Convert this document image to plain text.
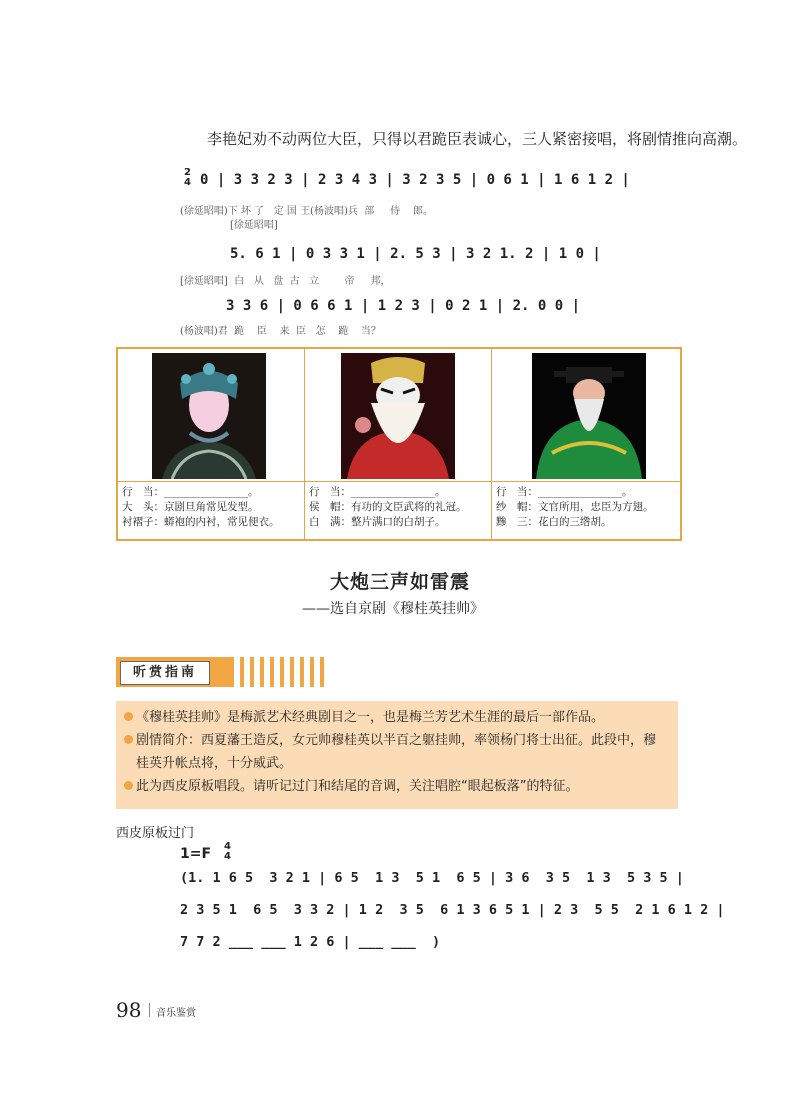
李艳妃劝不动两位大臣，只得以君跪臣表诚心，三人紧密接唱，将剧情推向高潮。
2
4 0 | 3 3 2 3 | 2 3 4 3 | 3 2 3 5 | 0 6 1 | 1 6 1 2 |
(徐延昭唱)下 坏 了   定 国 王(杨波唱)兵  部     侍    郎。
[徐延昭唱]
5. 6 1 | 0 3 3 1 | 2. 5 3 | 3 2 1. 2 | 1 0 |
[徐延昭唱]  白   从   盘  古   立        帝     邦，
3 3 6 | 0 6 6 1 | 1 2 3 | 0 2 1 | 2. 0 0 |
(杨波唱)君  跪    臣    来  臣   怎    跪    当？
行　当：________________。
大　头：京剧旦角常见发型。
衬褶子：蟒袍的内衬，常见便衣。
行　当：________________。
侯　帽：有功的文臣武将的礼冠。
白　满：整片满口的白胡子。
行　当：________________。
纱　帽：文官所用，忠臣为方翅。
黪　三：花白的三绺胡。
大炮三声如雷震
——选自京剧《穆桂英挂帅》
听赏指南
《穆桂英挂帅》是梅派艺术经典剧目之一，也是梅兰芳艺术生涯的最后一部作品。
剧情简介：西夏藩王造反，女元帅穆桂英以半百之躯挂帅，率领杨门将士出征。此段中，穆
桂英升帐点将，十分威武。
此为西皮原板唱段。请听记过门和结尾的音调，关注唱腔“眼起板落”的特征。
西皮原板过门
1=F 4
4
(1. 1 6 5  3 2 1 | 6 5  1 3  5 1  6 5 | 3 6  3 5  1 3  5 3 5 |
2 3 5 1  6 5  3 3 2 | 1 2  3 5  6 1 3 6 5 1 | 2 3  5 5  2 1 6 1 2 |
7 7 2 ___ ___ 1 2 6 | ___ ___  )
98 音乐鉴赏
